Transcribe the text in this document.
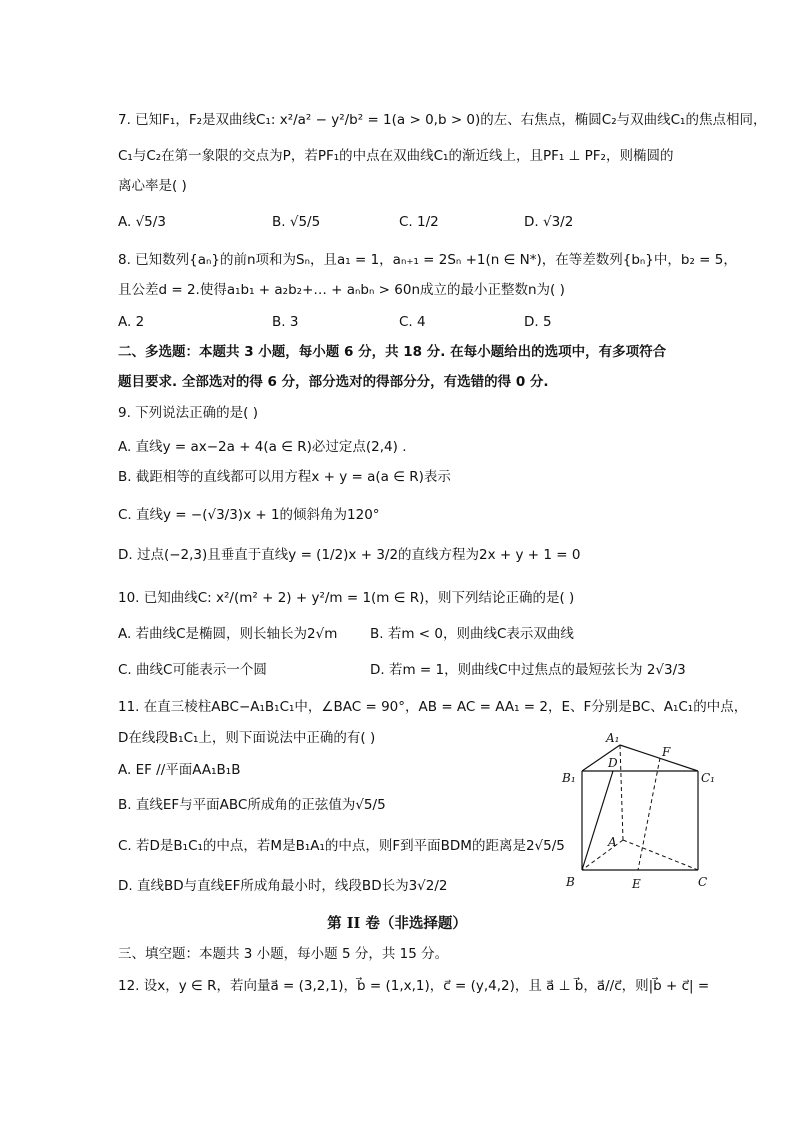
7. 已知F₁，F₂是双曲线C₁: x²/a² − y²/b² = 1(a > 0,b > 0)的左、右焦点，椭圆C₂与双曲线C₁的焦点相同，
C₁与C₂在第一象限的交点为P，若PF₁的中点在双曲线C₁的渐近线上，且PF₁ ⊥ PF₂，则椭圆的
离心率是( )
A. √5/3	B. √5/5	C. 1/2	D. √3/2
8. 已知数列{aₙ}的前n项和为Sₙ，且a₁ = 1，aₙ₊₁ = 2Sₙ +1(n ∈ N*)，在等差数列{bₙ}中，b₂ = 5，
且公差d = 2.使得a₁b₁ + a₂b₂+… + aₙbₙ > 60n成立的最小正整数n为( )
A. 2	B. 3	C. 4	D. 5
二、多选题：本题共 3 小题，每小题 6 分，共 18 分. 在每小题给出的选项中，有多项符合
题目要求. 全部选对的得 6 分，部分选对的得部分分，有选错的得 0 分.
9. 下列说法正确的是( )
A. 直线y = ax−2a + 4(a ∈ R)必过定点(2,4) .
B. 截距相等的直线都可以用方程x + y = a(a ∈ R)表示
C. 直线y = −(√3/3)x + 1的倾斜角为120°
D. 过点(−2,3)且垂直于直线y = (1/2)x + 3/2的直线方程为2x + y + 1 = 0
10. 已知曲线C: x²/(m² + 2) + y²/m = 1(m ∈ R)，则下列结论正确的是( )
A. 若曲线C是椭圆，则长轴长为2√m B. 若m < 0，则曲线C表示双曲线
C. 曲线C可能表示一个圆	D. 若m = 1，则曲线C中过焦点的最短弦长为 2√3/3
11. 在直三棱柱ABC−A₁B₁C₁中，∠BAC = 90°，AB = AC = AA₁ = 2，E、F分别是BC、A₁C₁的中点，
D在线段B₁C₁上，则下面说法中正确的有( )
A. EF //平面AA₁B₁B
B. 直线EF与平面ABC所成角的正弦值为√5/5
C. 若D是B₁C₁的中点，若M是B₁A₁的中点，则F到平面BDM的距离是2√5/5
D. 直线BD与直线EF所成角最小时，线段BD长为3√2/2
A₁
F
B₁
D
C₁
A
B	E	C
第 II 卷（非选择题）
三、填空题：本题共 3 小题，每小题 5 分，共 15 分。
12. 设x，y ∈ R，若向量a⃗ = (3,2,1)，b⃗ = (1,x,1)，c⃗ = (y,4,2)，且 a⃗ ⊥ b⃗，a⃗//c⃗，则|b⃗ + c⃗| =
